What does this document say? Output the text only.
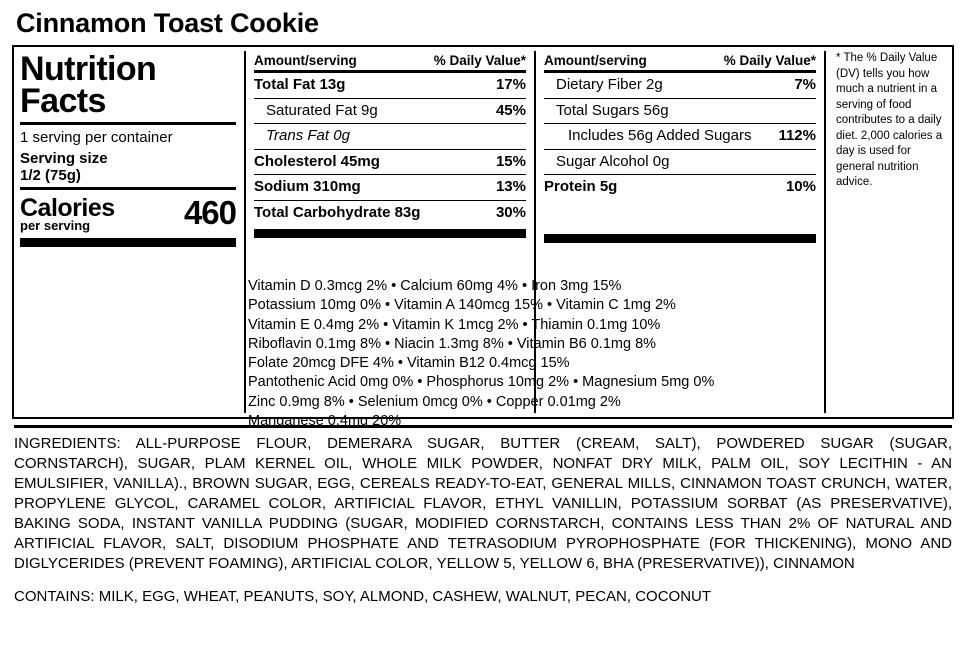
Cinnamon Toast Cookie
Nutrition
Facts
1 serving per container
Serving size
1/2 (75g)
Calories
per serving	460
Amount/serving	% Daily Value*
Total Fat 13g	17%
Saturated Fat 9g	45%
Trans Fat 0g
Cholesterol 45mg	15%
Sodium 310mg	13%
Total Carbohydrate 83g	30%
Amount/serving	% Daily Value*
Dietary Fiber 2g	7%
Total Sugars 56g
Includes 56g Added Sugars 112%
Sugar Alcohol 0g
Protein 5g	10%
* The % Daily Value (DV) tells you how much a nutrient in a serving of food contributes to a daily diet. 2,000 calories a day is used for general nutrition advice.
Vitamin D 0.3mcg 2% • Calcium 60mg 4% • Iron 3mg 15%
Potassium 10mg 0% • Vitamin A 140mcg 15% • Vitamin C 1mg 2%
Vitamin E 0.4mg 2% • Vitamin K 1mcg 2% • Thiamin 0.1mg 10%
Riboflavin 0.1mg 8% • Niacin 1.3mg 8% • Vitamin B6 0.1mg 8%
Folate 20mcg DFE 4% • Vitamin B12 0.4mcg 15%
Pantothenic Acid 0mg 0% • Phosphorus 10mg 2% • Magnesium 5mg 0%
Zinc 0.9mg 8% • Selenium 0mcg 0% • Copper 0.01mg 2%
Manganese 0.4mg 20%
INGREDIENTS: ALL-PURPOSE FLOUR, DEMERARA SUGAR, BUTTER (CREAM, SALT), POWDERED SUGAR (SUGAR, CORNSTARCH), SUGAR, PLAM KERNEL OIL, WHOLE MILK POWDER, NONFAT DRY MILK, PALM OIL, SOY LECITHIN - AN EMULSIFIER, VANILLA)., BROWN SUGAR, EGG, CEREALS READY-TO-EAT, GENERAL MILLS, CINNAMON TOAST CRUNCH, WATER, PROPYLENE GLYCOL, CARAMEL COLOR, ARTIFICIAL FLAVOR, ETHYL VANILLIN, POTASSIUM SORBAT (AS PRESERVATIVE), BAKING SODA, INSTANT VANILLA PUDDING (SUGAR, MODIFIED CORNSTARCH, CONTAINS LESS THAN 2% OF NATURAL AND ARTIFICIAL FLAVOR, SALT, DISODIUM PHOSPHATE AND TETRASODIUM PYROPHOSPHATE (FOR THICKENING), MONO AND DIGLYCERIDES (PREVENT FOAMING), ARTIFICIAL COLOR, YELLOW 5, YELLOW 6, BHA (PRESERVATIVE)), CINNAMON
CONTAINS: MILK, EGG, WHEAT, PEANUTS, SOY, ALMOND, CASHEW, WALNUT, PECAN, COCONUT
